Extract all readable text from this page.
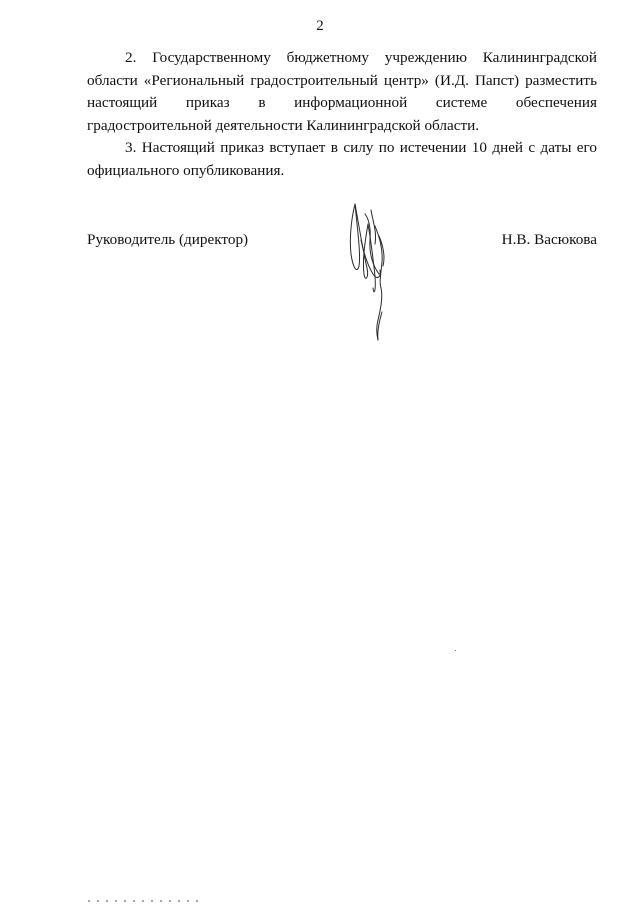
2

2. Государственному бюджетному учреждению Калининградской области «Региональный градостроительный центр» (И.Д. Папст) разместить настоящий приказ в информационной системе обеспечения градостроительной деятельности Калининградской области.

3. Настоящий приказ вступает в силу по истечении 10 дней с даты его официального опубликования.

Руководитель (директор)	Н.В. Васюкова
